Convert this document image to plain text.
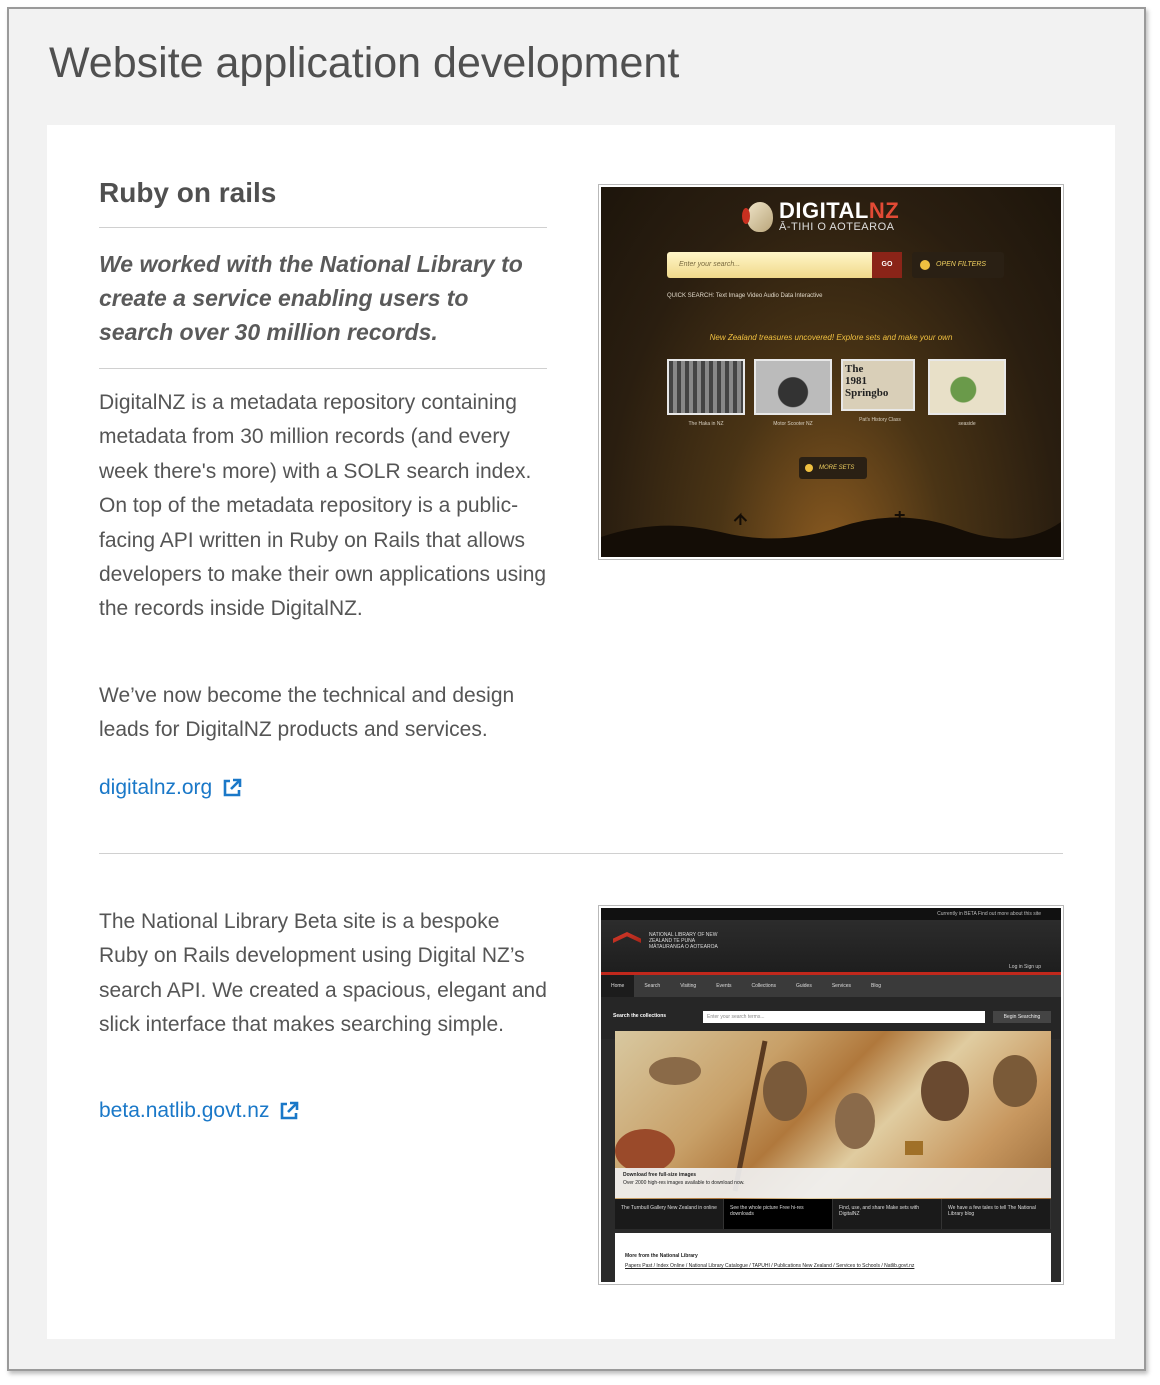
Website application development
Ruby on rails

We worked with the National Library to create a service enabling users to search over 30 million records.

DigitalNZ is a metadata repository containing metadata from 30 million records (and every week there's more) with a SOLR search index. On top of the metadata repository is a public-facing API written in Ruby on Rails that allows developers to make their own applications using the records inside DigitalNZ.

We’ve now become the technical and design leads for DigitalNZ products and services.

digitalnz.org
DIGITALNZ
Ā-TIHI O AOTEAROA
Enter your search...	GO	OPEN FILTERS
QUICK SEARCH: Text Image Video Audio Data Interactive
New Zealand treasures uncovered! Explore sets and make your own
The Haka in NZ	Motor Scooter NZ
The
1981
Springbo
Pat's History Class
seaside
MORE SETS

The National Library Beta site is a bespoke Ruby on Rails development using Digital NZ’s search API. We created a spacious, elegant and slick interface that makes searching simple.

beta.natlib.govt.nz
Currently in BETA Find out more about this site
NATIONAL LIBRARY OF NEW ZEALAND TE PUNA MĀTAURANGA O AOTEAROA
Log in Sign up
Home	Search	Visiting	Events	Collections	Guides	Services	Blog
Search the collections	Enter your search terms...	Begin Searching
Download free full-size images
Over 2000 high-res images available to download now.
The Turnbull Gallery New Zealand in online	See the whole picture Free hi-res downloads
Find, use, and share Make sets with DigitalNZ
We have a few tales to tell The National Library blog
More from the National Library
Papers Past / Index Online / National Library Catalogue / TAPUHI / Publications New Zealand / Services to Schools / Natlib.govt.nz
